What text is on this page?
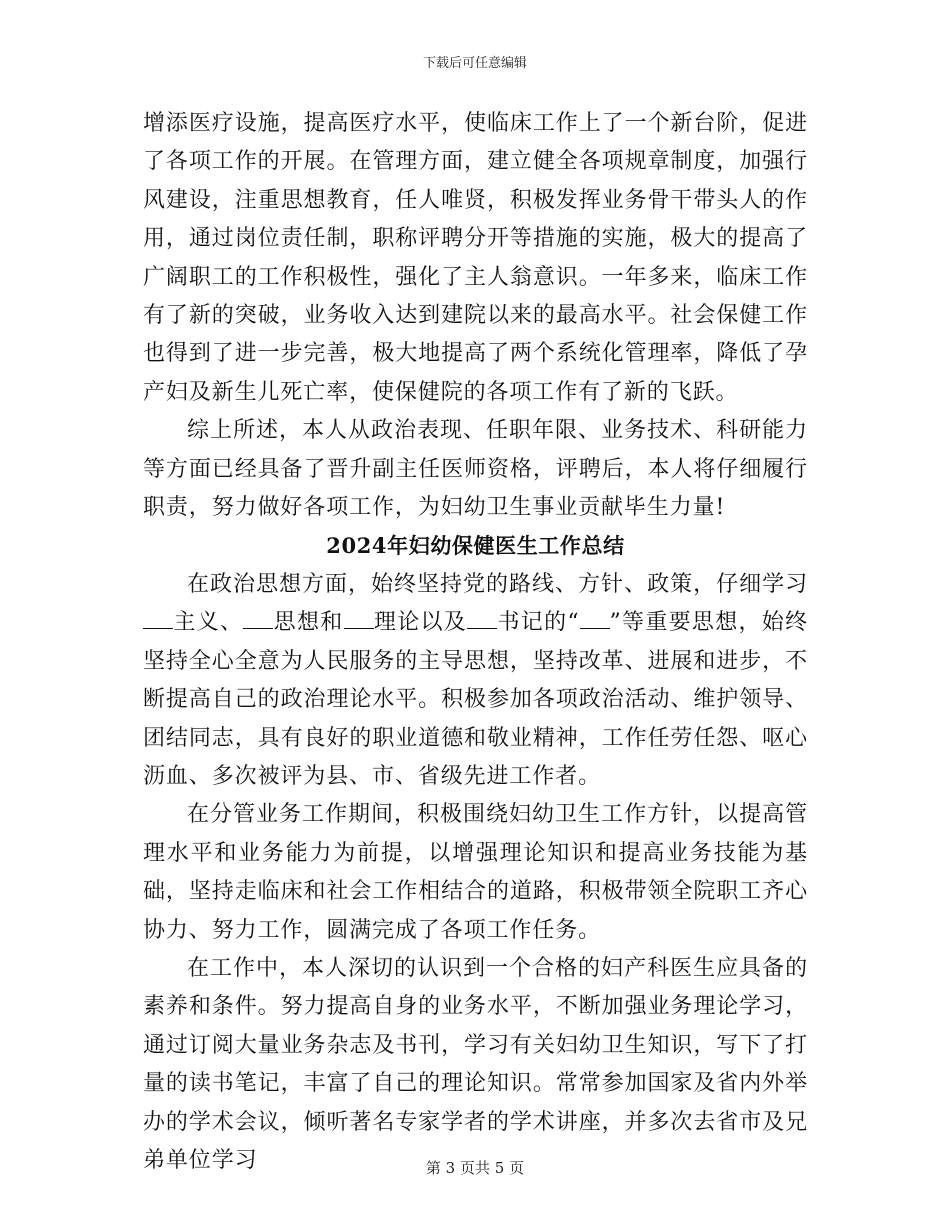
下载后可任意编辑

增添医疗设施，提高医疗水平，使临床工作上了一个新台阶，促进了各项工作的开展。在管理方面，建立健全各项规章制度，加强行风建设，注重思想教育，任人唯贤，积极发挥业务骨干带头人的作用，通过岗位责任制，职称评聘分开等措施的实施，极大的提高了广阔职工的工作积极性，强化了主人翁意识。一年多来，临床工作有了新的突破，业务收入达到建院以来的最高水平。社会保健工作也得到了进一步完善，极大地提高了两个系统化管理率，降低了孕产妇及新生儿死亡率，使保健院的各项工作有了新的飞跃。

综上所述，本人从政治表现、任职年限、业务技术、科研能力等方面已经具备了晋升副主任医师资格，评聘后，本人将仔细履行职责，努力做好各项工作，为妇幼卫生事业贡献毕生力量!

2024年妇幼保健医生工作总结

在政治思想方面，始终坚持党的路线、方针、政策，仔细学习主义、 思想和 理论以及 书记的“ ”等重要思想，始终坚持全心全意为人民服务的主导思想，坚持改革、进展和进步，不断提高自己的政治理论水平。积极参加各项政治活动、维护领导、团结同志，具有良好的职业道德和敬业精神，工作任劳任怨、呕心沥血、多次被评为县、市、省级先进工作者。

在分管业务工作期间，积极围绕妇幼卫生工作方针，以提高管理水平和业务能力为前提，以增强理论知识和提高业务技能为基础，坚持走临床和社会工作相结合的道路，积极带领全院职工齐心协力、努力工作，圆满完成了各项工作任务。

在工作中，本人深切的认识到一个合格的妇产科医生应具备的素养和条件。努力提高自身的业务水平，不断加强业务理论学习，通过订阅大量业务杂志及书刊，学习有关妇幼卫生知识，写下了打量的读书笔记，丰富了自己的理论知识。常常参加国家及省内外举办的学术会议，倾听著名专家学者的学术讲座，并多次去省市及兄弟单位学习	第 3 页共 5 页
